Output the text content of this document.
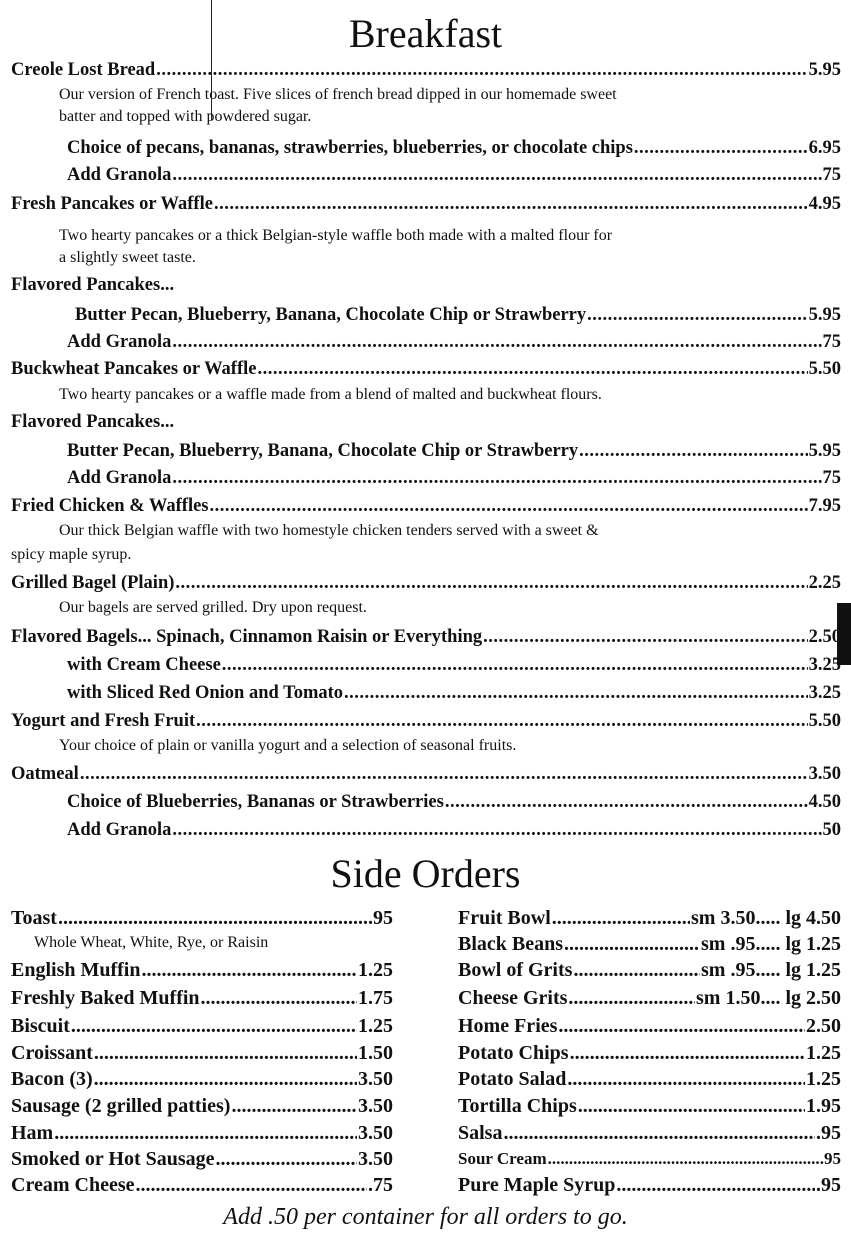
Breakfast
Creole Lost Bread .....	5.95
Our version of French toast. Five slices of french bread dipped in our homemade sweet
batter and topped with powdered sugar.
Choice of pecans, bananas, strawberries, blueberries, or chocolate chips .....	6.95
Add Granola .....	.75
Fresh Pancakes or Waffle .....	4.95
Two hearty pancakes or a thick Belgian-style waffle both made with a malted flour for
a slightly sweet taste.
Flavored Pancakes...
Butter Pecan, Blueberry, Banana, Chocolate Chip or Strawberry .....	5.95
Add Granola .....	.75
Buckwheat Pancakes or Waffle .....	5.50
Two hearty pancakes or a waffle made from a blend of malted and buckwheat flours.
Flavored Pancakes...
Butter Pecan, Blueberry, Banana, Chocolate Chip or Strawberry .....	5.95
Add Granola .....	.75
Fried Chicken & Waffles .....	7.95
Our thick Belgian waffle with two homestyle chicken tenders served with a sweet &
spicy maple syrup.
Grilled Bagel (Plain) .....	2.25
Our bagels are served grilled. Dry upon request.
Flavored Bagels... Spinach, Cinnamon Raisin or Everything .....	2.50
with Cream Cheese .....	3.25
with Sliced Red Onion and Tomato .....	3.25
Yogurt and Fresh Fruit .....	5.50
Your choice of plain or vanilla yogurt and a selection of seasonal fruits.
Oatmeal .....	3.50
Choice of Blueberries, Bananas or Strawberries .....	4.50
Add Granola .....	.50
Side Orders
Toast .....	.95
Whole Wheat, White, Rye, or Raisin
English Muffin .....	1.25
Freshly Baked Muffin .....	1.75
Biscuit .....	1.25
Croissant .....	1.50
Bacon (3) .....	3.50
Sausage (2 grilled patties) .....	3.50
Ham .....	3.50
Smoked or Hot Sausage .....	3.50
Cream Cheese .....	.75
Fruit Bowl .....	sm 3.50..... lg 4.50
Black Beans .....	sm .95..... lg 1.25
Bowl of Grits .....	sm .95..... lg 1.25
Cheese Grits .....	sm 1.50.... lg 2.50
Home Fries .....	2.50
Potato Chips .....	1.25
Potato Salad .....	1.25
Tortilla Chips .....	1.95
Salsa .....	.95
Sour Cream .....	.95
Pure Maple Syrup .....	.95
Add .50 per container for all orders to go.
